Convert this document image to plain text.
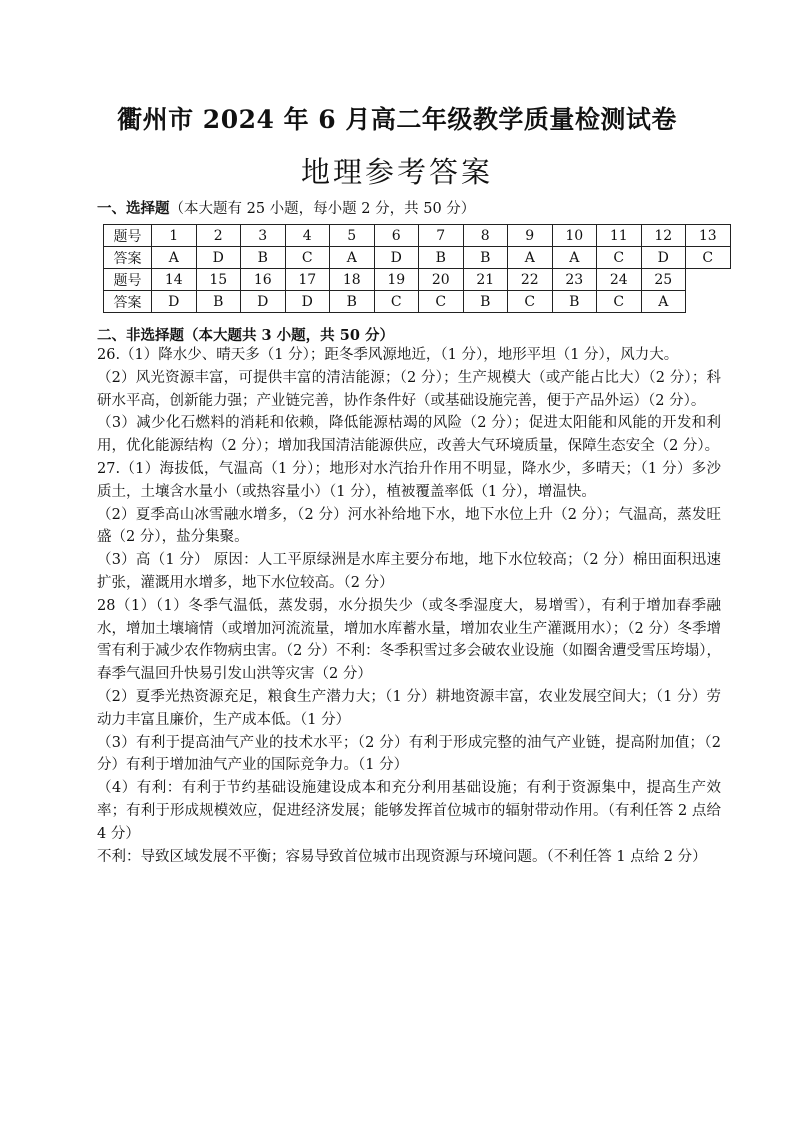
衢州市 2024 年 6 月高二年级教学质量检测试卷
地理参考答案
一、选择题（本大题有 25 小题，每小题 2 分，共 50 分）
题号	1	2	3	4	5	6	7	8	9	10	11	12	13
答案	A	D	B	C	A	D	B	B	A	A	C	D	C
题号	14	15	16	17	18	19	20	21	22	23	24	25	
答案	D	B	D	D	B	C	C	B	C	B	C	A	
二、非选择题（本大题共 3 小题，共 50 分）

26.（1）降水少、晴天多（1 分）；距冬季风源地近，（1 分），地形平坦（1 分），风力大。

（2）风光资源丰富，可提供丰富的清洁能源；（2 分）；生产规模大（或产能占比大）（2 分）；科研水平高，创新能力强；产业链完善，协作条件好（或基础设施完善，便于产品外运）（2 分）。

（3）减少化石燃料的消耗和依赖，降低能源枯竭的风险（2 分）；促进太阳能和风能的开发和利用，优化能源结构（2 分）；增加我国清洁能源供应，改善大气环境质量，保障生态安全（2 分）。

27.（1）海拔低，气温高（1 分）；地形对水汽抬升作用不明显，降水少，多晴天；（1 分）多沙质土，土壤含水量小（或热容量小）（1 分），植被覆盖率低（1 分），增温快。

（2）夏季高山冰雪融水增多，（2 分）河水补给地下水，地下水位上升（2 分）；气温高，蒸发旺盛（2 分），盐分集聚。

（3）高（1 分） 原因：人工平原绿洲是水库主要分布地，地下水位较高；（2 分）棉田面积迅速扩张，灌溉用水增多，地下水位较高。（2 分）

28（1）（1）冬季气温低，蒸发弱，水分损失少（或冬季湿度大，易增雪），有利于增加春季融水，增加土壤墒情（或增加河流流量，增加水库蓄水量，增加农业生产灌溉用水）；（2 分）冬季增雪有利于减少农作物病虫害。（2 分）不利：冬季积雪过多会破农业设施（如圈舍遭受雪压垮塌），春季气温回升快易引发山洪等灾害（2 分）

（2）夏季光热资源充足，粮食生产潜力大；（1 分）耕地资源丰富，农业发展空间大；（1 分）劳动力丰富且廉价，生产成本低。（1 分）

（3）有利于提高油气产业的技术水平；（2 分）有利于形成完整的油气产业链，提高附加值；（2 分）有利于增加油气产业的国际竞争力。（1 分）

（4）有利：有利于节约基础设施建设成本和充分利用基础设施；有利于资源集中，提高生产效率；有利于形成规模效应，促进经济发展；能够发挥首位城市的辐射带动作用。（有利任答 2 点给 4 分）

不利：导致区域发展不平衡；容易导致首位城市出现资源与环境问题。（不利任答 1 点给 2 分）
